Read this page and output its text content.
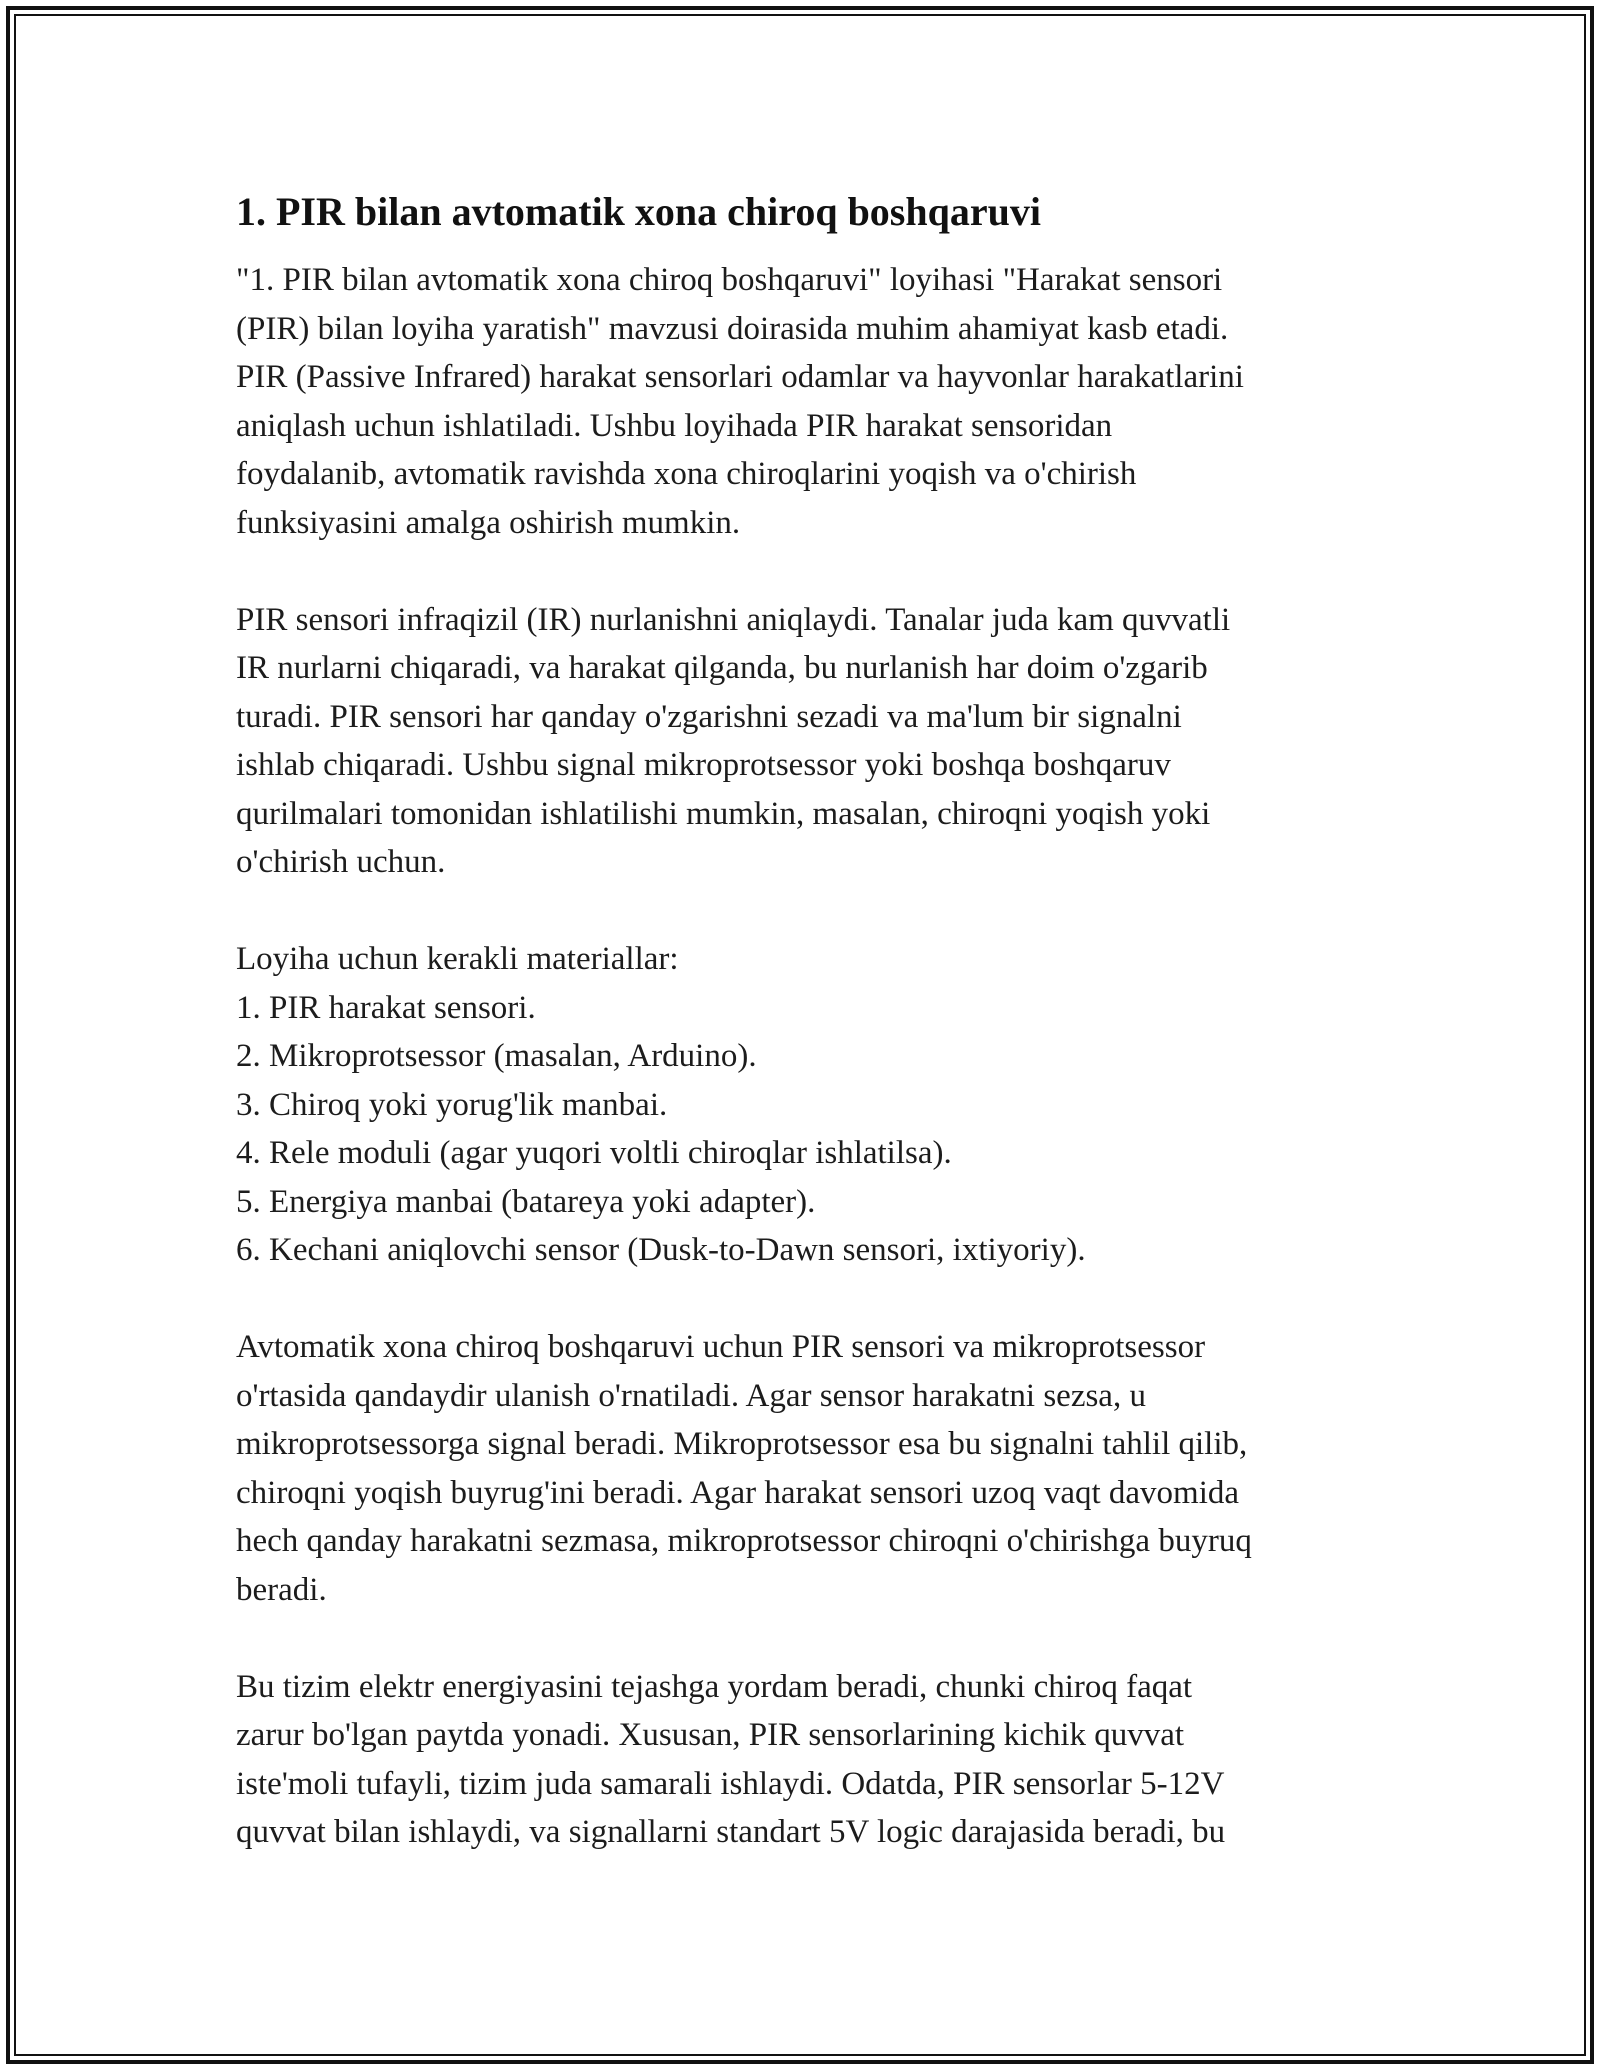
1. PIR bilan avtomatik xona chiroq boshqaruvi
"1. PIR bilan avtomatik xona chiroq boshqaruvi" loyihasi "Harakat sensori
(PIR) bilan loyiha yaratish" mavzusi doirasida muhim ahamiyat kasb etadi.
PIR (Passive Infrared) harakat sensorlari odamlar va hayvonlar harakatlarini
aniqlash uchun ishlatiladi. Ushbu loyihada PIR harakat sensoridan
foydalanib, avtomatik ravishda xona chiroqlarini yoqish va o'chirish
funksiyasini amalga oshirish mumkin.
PIR sensori infraqizil (IR) nurlanishni aniqlaydi. Tanalar juda kam quvvatli
IR nurlarni chiqaradi, va harakat qilganda, bu nurlanish har doim o'zgarib
turadi. PIR sensori har qanday o'zgarishni sezadi va ma'lum bir signalni
ishlab chiqaradi. Ushbu signal mikroprotsessor yoki boshqa boshqaruv
qurilmalari tomonidan ishlatilishi mumkin, masalan, chiroqni yoqish yoki
o'chirish uchun.
Loyiha uchun kerakli materiallar:
1. PIR harakat sensori.
2. Mikroprotsessor (masalan, Arduino).
3. Chiroq yoki yorug'lik manbai.
4. Rele moduli (agar yuqori voltli chiroqlar ishlatilsa).
5. Energiya manbai (batareya yoki adapter).
6. Kechani aniqlovchi sensor (Dusk-to-Dawn sensori, ixtiyoriy).
Avtomatik xona chiroq boshqaruvi uchun PIR sensori va mikroprotsessor
o'rtasida qandaydir ulanish o'rnatiladi. Agar sensor harakatni sezsa, u
mikroprotsessorga signal beradi. Mikroprotsessor esa bu signalni tahlil qilib,
chiroqni yoqish buyrug'ini beradi. Agar harakat sensori uzoq vaqt davomida
hech qanday harakatni sezmasa, mikroprotsessor chiroqni o'chirishga buyruq
beradi.
Bu tizim elektr energiyasini tejashga yordam beradi, chunki chiroq faqat
zarur bo'lgan paytda yonadi. Xususan, PIR sensorlarining kichik quvvat
iste'moli tufayli, tizim juda samarali ishlaydi. Odatda, PIR sensorlar 5-12V
quvvat bilan ishlaydi, va signallarni standart 5V logic darajasida beradi, bu
